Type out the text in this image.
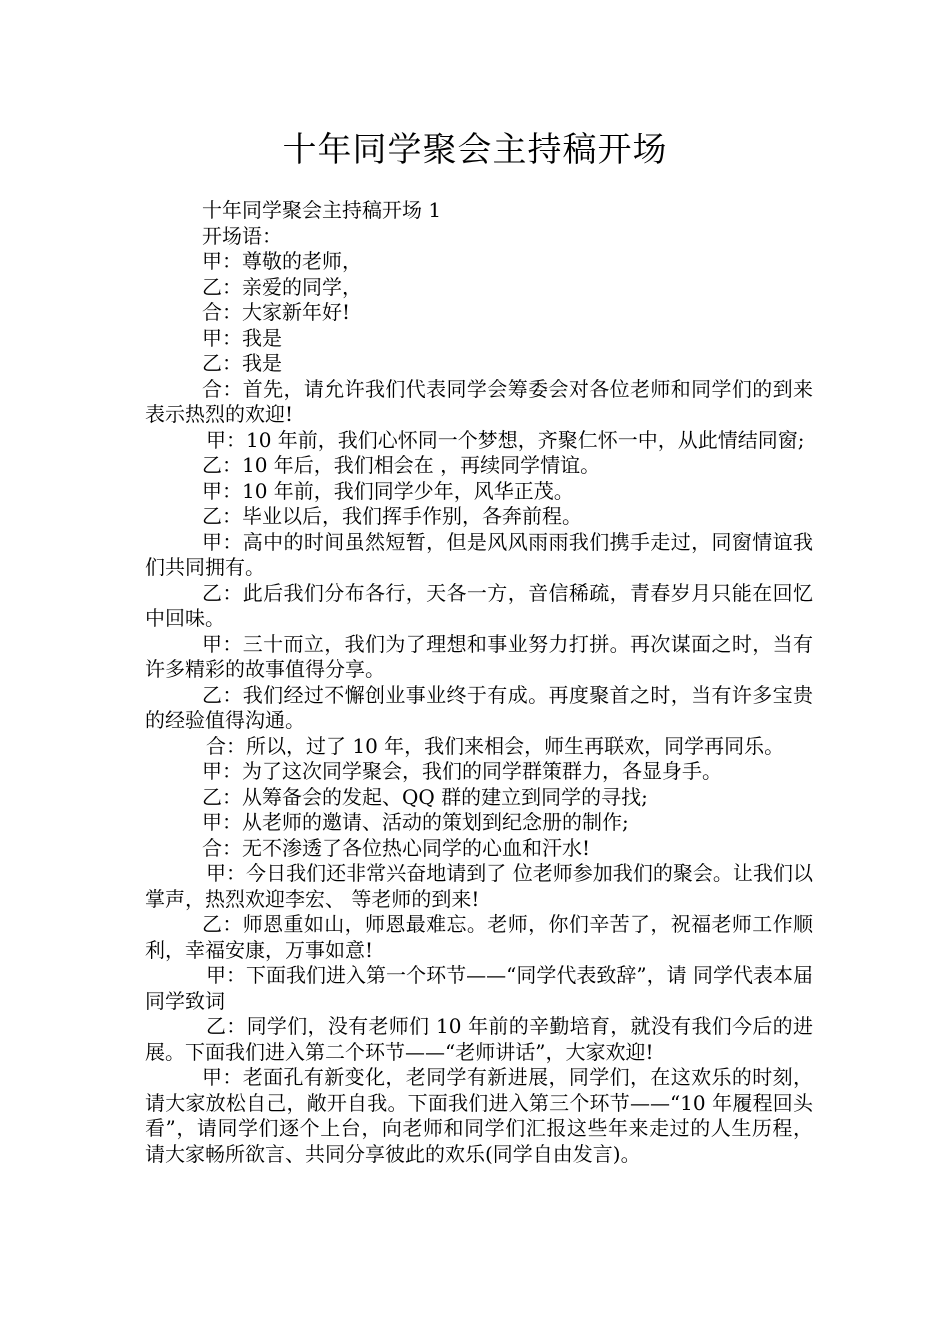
十年同学聚会主持稿开场

十年同学聚会主持稿开场 1

开场语：

甲：尊敬的老师，

乙：亲爱的同学，

合：大家新年好!

甲：我是

乙：我是

合：首先，请允许我们代表同学会筹委会对各位老师和同学们的到来表示热烈的欢迎!

甲：10 年前，我们心怀同一个梦想，齐聚仁怀一中，从此情结同窗;

乙：10 年后，我们相会在 ，再续同学情谊。

甲：10 年前，我们同学少年，风华正茂。

乙：毕业以后，我们挥手作别，各奔前程。

甲：高中的时间虽然短暂，但是风风雨雨我们携手走过，同窗情谊我们共同拥有。

乙：此后我们分布各行，天各一方，音信稀疏，青春岁月只能在回忆中回味。

甲：三十而立，我们为了理想和事业努力打拼。再次谋面之时，当有许多精彩的故事值得分享。

乙：我们经过不懈创业事业终于有成。再度聚首之时，当有许多宝贵的经验值得沟通。

合：所以，过了 10 年，我们来相会，师生再联欢，同学再同乐。

甲：为了这次同学聚会，我们的同学群策群力，各显身手。

乙：从筹备会的发起、QQ 群的建立到同学的寻找;

甲：从老师的邀请、活动的策划到纪念册的制作;

合：无不渗透了各位热心同学的心血和汗水!

甲：今日我们还非常兴奋地请到了 位老师参加我们的聚会。让我们以掌声，热烈欢迎李宏、 等老师的到来!

乙：师恩重如山，师恩最难忘。老师，你们辛苦了，祝福老师工作顺利，幸福安康，万事如意!

甲：下面我们进入第一个环节——“同学代表致辞”，请 同学代表本届同学致词

乙：同学们，没有老师们 10 年前的辛勤培育，就没有我们今后的进展。下面我们进入第二个环节——“老师讲话”，大家欢迎!

甲：老面孔有新变化，老同学有新进展，同学们，在这欢乐的时刻，请大家放松自己，敞开自我。下面我们进入第三个环节——“10 年履程回头看”，请同学们逐个上台，向老师和同学们汇报这些年来走过的人生历程，请大家畅所欲言、共同分享彼此的欢乐(同学自由发言)。
